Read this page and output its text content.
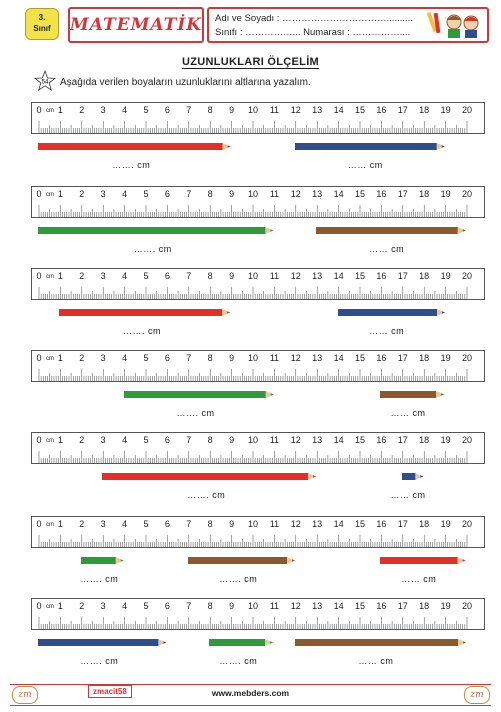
3.
Sınıf	MATEMATİK Adı ve Soyadı : ……………………………..........
Sınıfı : ……………... Numarası : ……………....
UZUNLUKLARI ÖLÇELİM
54 Aşağıda verilen boyaların uzunluklarını altlarına yazalım.
0 1 2 3 4 5 6 7 8 9 10 11 12 13 14 15 16 17 18 19 20
cm
……. cm	…… cm
0 1 2 3 4 5 6 7 8 9 10 11 12 13 14 15 16 17 18 19 20
cm
……. cm	…… cm
0 1 2 3 4 5 6 7 8 9 10 11 12 13 14 15 16 17 18 19 20
cm
……. cm	…… cm
0 1 2 3 4 5 6 7 8 9 10 11 12 13 14 15 16 17 18 19 20
cm
……. cm	…… cm
0 1 2 3 4 5 6 7 8 9 10 11 12 13 14 15 16 17 18 19 20
cm
……. cm	…… cm
0 1 2 3 4 5 6 7 8 9 10 11 12 13 14 15 16 17 18 19 20
cm
……. cm	……. cm	…… cm
0 1 2 3 4 5 6 7 8 9 10 11 12 13 14 15 16 17 18 19 20
cm
……. cm	……. cm	…… cm
zm	zmacit58	www.mebders.com	zm
